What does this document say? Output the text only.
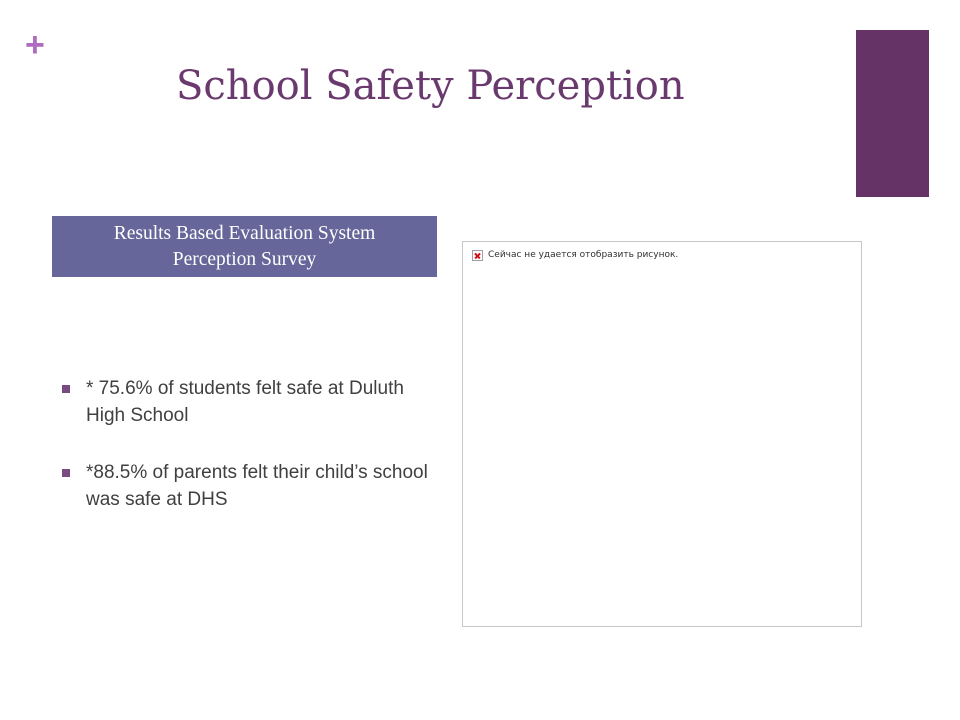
+
School Safety Perception
Results Based Evaluation System
Perception Survey
* 75.6% of students felt safe at Duluth High School
*88.5% of parents felt their child’s school was safe at DHS
Сейчас не удается отобразить рисунок.
